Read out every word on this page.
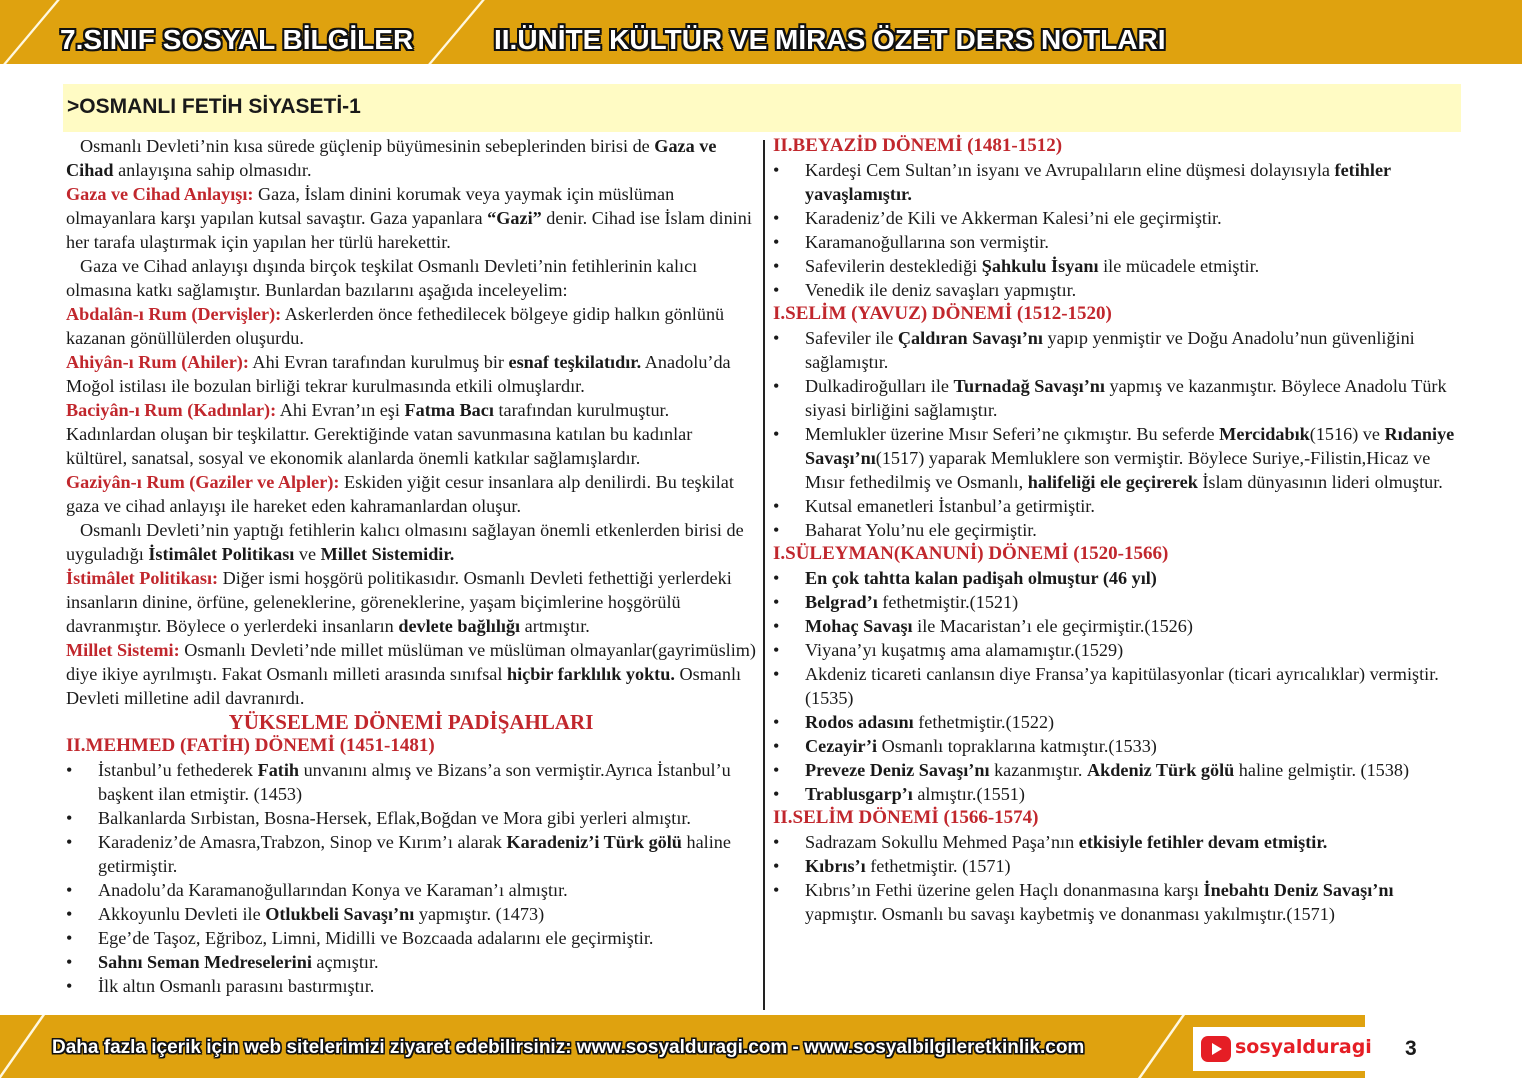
7.SINIF SOSYAL BİLGİLER	II.ÜNİTE KÜLTÜR VE MİRAS ÖZET DERS NOTLARI
>OSMANLI FETİH SİYASETİ-1

Osmanlı Devleti’nin kısa sürede güçlenip büyümesinin sebeplerinden birisi de Gaza ve Cihad anlayışına sahip olmasıdır.

Gaza ve Cihad Anlayışı: Gaza, İslam dinini korumak veya yaymak için müslüman olmayanlara karşı yapılan kutsal savaştır. Gaza yapanlara “Gazi” denir. Cihad ise İslam dinini her tarafa ulaştırmak için yapılan her türlü harekettir.

Gaza ve Cihad anlayışı dışında birçok teşkilat Osmanlı Devleti’nin fetihlerinin kalıcı olmasına katkı sağlamıştır. Bunlardan bazılarını aşağıda inceleyelim:

Abdalân-ı Rum (Dervişler): Askerlerden önce fethedilecek bölgeye gidip halkın gönlünü kazanan gönüllülerden oluşurdu.

Ahiyân-ı Rum (Ahiler): Ahi Evran tarafından kurulmuş bir esnaf teşkilatıdır. Anadolu’da Moğol istilası ile bozulan birliği tekrar kurulmasında etkili olmuşlardır.

Baciyân-ı Rum (Kadınlar): Ahi Evran’ın eşi Fatma Bacı tarafından kurulmuştur. Kadınlardan oluşan bir teşkilattır. Gerektiğinde vatan savunmasına katılan bu kadınlar kültürel, sanatsal, sosyal ve ekonomik alanlarda önemli katkılar sağlamışlardır.

Gaziyân-ı Rum (Gaziler ve Alpler): Eskiden yiğit cesur insanlara alp denilirdi. Bu teşkilat gaza ve cihad anlayışı ile hareket eden kahramanlardan oluşur.

Osmanlı Devleti’nin yaptığı fetihlerin kalıcı olmasını sağlayan önemli etkenlerden birisi de uyguladığı İstimâlet Politikası ve Millet Sistemidir.

İstimâlet Politikası: Diğer ismi hoşgörü politikasıdır. Osmanlı Devleti fethettiği yerlerdeki insanların dinine, örfüne, geleneklerine, göreneklerine, yaşam biçimlerine hoşgörülü davranmıştır. Böylece o yerlerdeki insanların devlete bağlılığı artmıştır.

Millet Sistemi: Osmanlı Devleti’nde millet müslüman ve müslüman olmayanlar(gayrimüslim) diye ikiye ayrılmıştı. Fakat Osmanlı milleti arasında sınıfsal hiçbir farklılık yoktu. Osmanlı Devleti milletine adil davranırdı.

YÜKSELME DÖNEMİ PADİŞAHLARI

II.MEHMED (FATİH) DÖNEMİ (1451-1481)

• İstanbul’u fethederek Fatih unvanını almış ve Bizans’a son vermiştir.Ayrıca İstanbul’u başkent ilan etmiştir. (1453)
• Balkanlarda Sırbistan, Bosna-Hersek, Eflak,Boğdan ve Mora gibi yerleri almıştır.
• Karadeniz’de Amasra,Trabzon, Sinop ve Kırım’ı alarak Karadeniz’i Türk gölü haline getirmiştir.
• Anadolu’da Karamanoğullarından Konya ve Karaman’ı almıştır.
• Akkoyunlu Devleti ile Otlukbeli Savaşı’nı yapmıştır. (1473)
• Ege’de Taşoz, Eğriboz, Limni, Midilli ve Bozcaada adalarını ele geçirmiştir.
• Sahnı Seman Medreselerini açmıştır.
• İlk altın Osmanlı parasını bastırmıştır.

II.BEYAZİD DÖNEMİ (1481-1512)

• Kardeşi Cem Sultan’ın isyanı ve Avrupalıların eline düşmesi dolayısıyla fetihler yavaşlamıştır.
• Karadeniz’de Kili ve Akkerman Kalesi’ni ele geçirmiştir.
• Karamanoğullarına son vermiştir.
• Safevilerin desteklediği Şahkulu İsyanı ile mücadele etmiştir.
• Venedik ile deniz savaşları yapmıştır.

I.SELİM (YAVUZ) DÖNEMİ (1512-1520)

• Safeviler ile Çaldıran Savaşı’nı yapıp yenmiştir ve Doğu Anadolu’nun güvenliğini sağlamıştır.
• Dulkadiroğulları ile Turnadağ Savaşı’nı yapmış ve kazanmıştır. Böylece Anadolu Türk siyasi birliğini sağlamıştır.
• Memlukler üzerine Mısır Seferi’ne çıkmıştır. Bu seferde Mercidabık(1516) ve Rıdaniye Savaşı’nı(1517) yaparak Memluklere son vermiştir. Böylece Suriye,-Filistin,Hicaz ve Mısır fethedilmiş ve Osmanlı, halifeliği ele geçirerek İslam dünyasının lideri olmuştur.
• Kutsal emanetleri İstanbul’a getirmiştir.
• Baharat Yolu’nu ele geçirmiştir.

I.SÜLEYMAN(KANUNİ) DÖNEMİ (1520-1566)

• En çok tahtta kalan padişah olmuştur (46 yıl)
• Belgrad’ı fethetmiştir.(1521)
• Mohaç Savaşı ile Macaristan’ı ele geçirmiştir.(1526)
• Viyana’yı kuşatmış ama alamamıştır.(1529)
• Akdeniz ticareti canlansın diye Fransa’ya kapitülasyonlar (ticari ayrıcalıklar) vermiştir.(1535)
• Rodos adasını fethetmiştir.(1522)
• Cezayir’i Osmanlı topraklarına katmıştır.(1533)
• Preveze Deniz Savaşı’nı kazanmıştır. Akdeniz Türk gölü haline gelmiştir. (1538)
• Trablusgarp’ı almıştır.(1551)

II.SELİM DÖNEMİ (1566-1574)

• Sadrazam Sokullu Mehmed Paşa’nın etkisiyle fetihler devam etmiştir.
• Kıbrıs’ı fethetmiştir. (1571)
• Kıbrıs’ın Fethi üzerine gelen Haçlı donanmasına karşı İnebahtı Deniz Savaşı’nı yapmıştır. Osmanlı bu savaşı kaybetmiş ve donanması yakılmıştır.(1571)
Daha fazla içerik için web sitelerimizi ziyaret edebilirsiniz: www.sosyalduragi.com - www.sosyalbilgileretkinlik.com	sosyalduragi 3
